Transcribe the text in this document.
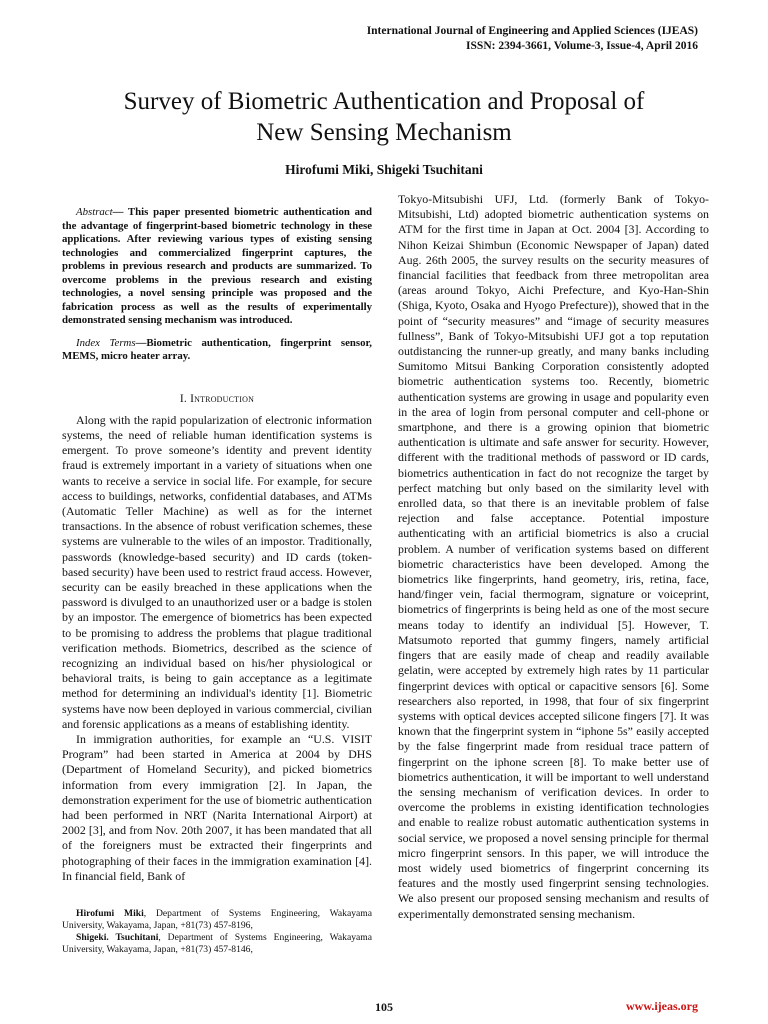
International Journal of Engineering and Applied Sciences (IJEAS)
ISSN: 2394-3661, Volume-3, Issue-4, April 2016
Survey of Biometric Authentication and Proposal of
New Sensing Mechanism
Hirofumi Miki, Shigeki Tsuchitani

Abstract— This paper presented biometric authentication and the advantage of fingerprint-based biometric technology in these applications. After reviewing various types of existing sensing technologies and commercialized fingerprint captures, the problems in previous research and products are summarized. To overcome problems in the previous research and existing technologies, a novel sensing principle was proposed and the fabrication process as well as the results of experimentally demonstrated sensing mechanism was introduced.

Index Terms—Biometric authentication, fingerprint sensor, MEMS, micro heater array.

I. Introduction

Along with the rapid popularization of electronic information systems, the need of reliable human identification systems is emergent. To prove someone’s identity and prevent identity fraud is extremely important in a variety of situations when one wants to receive a service in social life. For example, for secure access to buildings, networks, confidential databases, and ATMs (Automatic Teller Machine) as well as for the internet transactions. In the absence of robust verification schemes, these systems are vulnerable to the wiles of an impostor. Traditionally, passwords (knowledge-based security) and ID cards (token-based security) have been used to restrict fraud access. However, security can be easily breached in these applications when the password is divulged to an unauthorized user or a badge is stolen by an impostor. The emergence of biometrics has been expected to be promising to address the problems that plague traditional verification methods. Biometrics, described as the science of recognizing an individual based on his/her physiological or behavioral traits, is being to gain acceptance as a legitimate method for determining an individual's identity [1]. Biometric systems have now been deployed in various commercial, civilian and forensic applications as a means of establishing identity.

In immigration authorities, for example an “U.S. VISIT Program” had been started in America at 2004 by DHS (Department of Homeland Security), and picked biometrics information from every immigration [2]. In Japan, the demonstration experiment for the use of biometric authentication had been performed in NRT (Narita International Airport) at 2002 [3], and from Nov. 20th 2007, it has been mandated that all of the foreigners must be extracted their fingerprints and photographing of their faces in the immigration examination [4]. In financial field, Bank of

Tokyo-Mitsubishi UFJ, Ltd. (formerly Bank of Tokyo-Mitsubishi, Ltd) adopted biometric authentication systems on ATM for the first time in Japan at Oct. 2004 [3]. According to Nihon Keizai Shimbun (Economic Newspaper of Japan) dated Aug. 26th 2005, the survey results on the security measures of financial facilities that feedback from three metropolitan area (areas around Tokyo, Aichi Prefecture, and Kyo-Han-Shin (Shiga, Kyoto, Osaka and Hyogo Prefecture)), showed that in the point of “security measures” and “image of security measures fullness”, Bank of Tokyo-Mitsubishi UFJ got a top reputation outdistancing the runner-up greatly, and many banks including Sumitomo Mitsui Banking Corporation consistently adopted biometric authentication systems too. Recently, biometric authentication systems are growing in usage and popularity even in the area of login from personal computer and cell-phone or smartphone, and there is a growing opinion that biometric authentication is ultimate and safe answer for security. However, different with the traditional methods of password or ID cards, biometrics authentication in fact do not recognize the target by perfect matching but only based on the similarity level with enrolled data, so that there is an inevitable problem of false rejection and false acceptance. Potential imposture authenticating with an artificial biometrics is also a crucial problem. A number of verification systems based on different biometric characteristics have been developed. Among the biometrics like fingerprints, hand geometry, iris, retina, face, hand/finger vein, facial thermogram, signature or voiceprint, biometrics of fingerprints is being held as one of the most secure means today to identify an individual [5]. However, T. Matsumoto reported that gummy fingers, namely artificial fingers that are easily made of cheap and readily available gelatin, were accepted by extremely high rates by 11 particular fingerprint devices with optical or capacitive sensors [6]. Some researchers also reported, in 1998, that four of six fingerprint systems with optical devices accepted silicone fingers [7]. It was known that the fingerprint system in “iphone 5s” easily accepted by the false fingerprint made from residual trace pattern of fingerprint on the iphone screen [8]. To make better use of biometrics authentication, it will be important to well understand the sensing mechanism of verification devices. In order to overcome the problems in existing identification technologies and enable to realize robust automatic authentication systems in social service, we proposed a novel sensing principle for thermal micro fingerprint sensors. In this paper, we will introduce the most widely used biometrics of fingerprint concerning its features and the mostly used fingerprint sensing technologies. We also present our proposed sensing mechanism and results of experimentally demonstrated sensing mechanism.

Hirofumi Miki, Department of Systems Engineering, Wakayama University, Wakayama, Japan, +81(73) 457-8196,

Shigeki. Tsuchitani, Department of Systems Engineering, Wakayama University, Wakayama, Japan, +81(73) 457-8146,

105	www.ijeas.org
